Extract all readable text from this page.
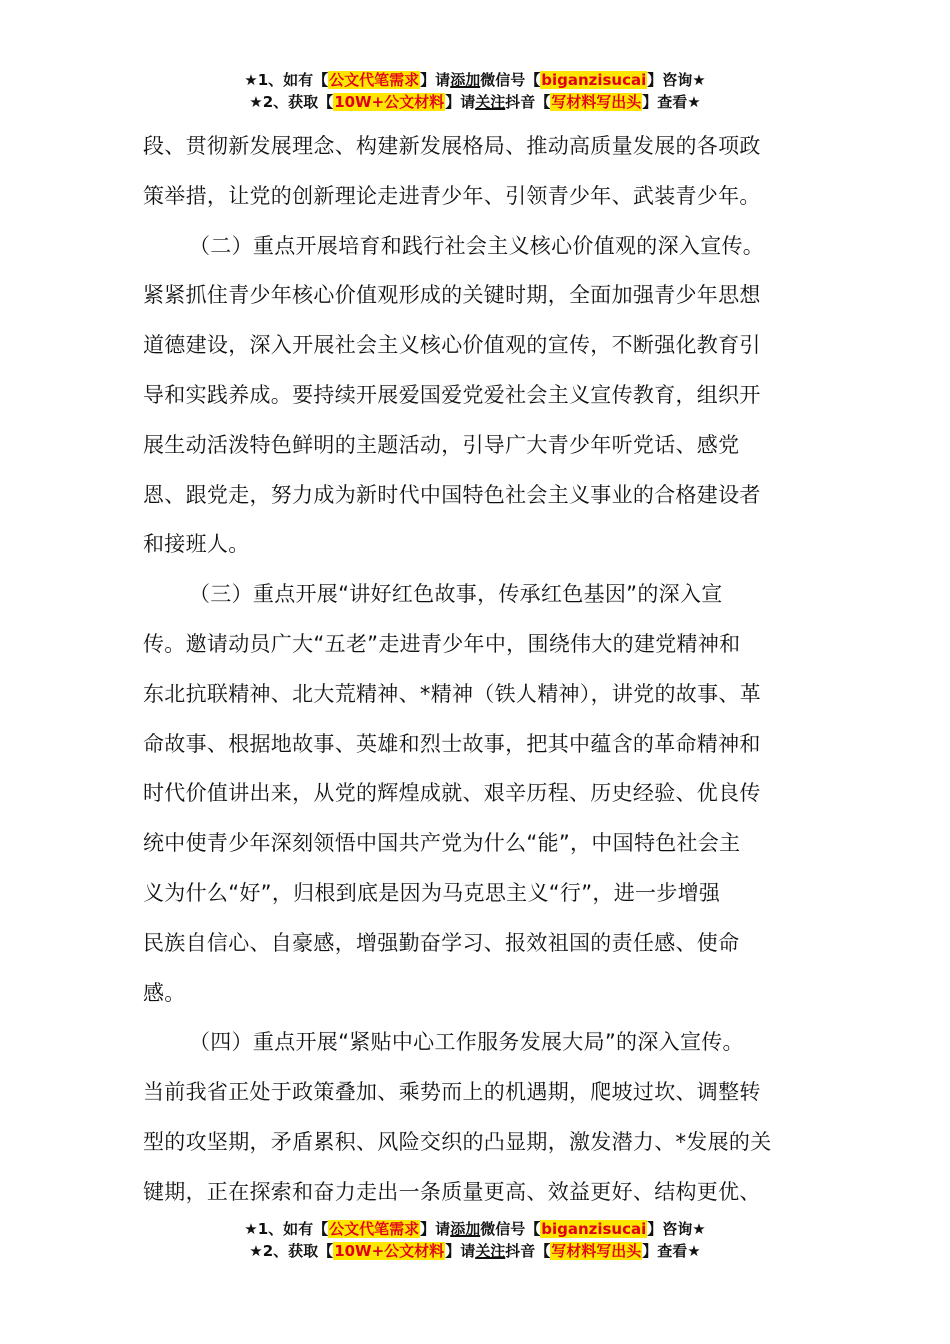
★1、如有【公文代笔需求】请添加微信号【biganzisucai】咨询★
★2、获取【10W+公文材料】请关注抖音【写材料写出头】查看★
段、贯彻新发展理念、构建新发展格局、推动高质量发展的各项政
策举措，让党的创新理论走进青少年、引领青少年、武装青少年。
（二）重点开展培育和践行社会主义核心价值观的深入宣传。
紧紧抓住青少年核心价值观形成的关键时期，全面加强青少年思想
道德建设，深入开展社会主义核心价值观的宣传，不断强化教育引
导和实践养成。要持续开展爱国爱党爱社会主义宣传教育，组织开
展生动活泼特色鲜明的主题活动，引导广大青少年听党话、感党
恩、跟党走，努力成为新时代中国特色社会主义事业的合格建设者
和接班人。
（三）重点开展“讲好红色故事，传承红色基因”的深入宣
传。邀请动员广大“五老”走进青少年中，围绕伟大的建党精神和
东北抗联精神、北大荒精神、*精神（铁人精神），讲党的故事、革
命故事、根据地故事、英雄和烈士故事，把其中蕴含的革命精神和
时代价值讲出来，从党的辉煌成就、艰辛历程、历史经验、优良传
统中使青少年深刻领悟中国共产党为什么“能”，中国特色社会主
义为什么“好”，归根到底是因为马克思主义“行”，进一步增强
民族自信心、自豪感，增强勤奋学习、报效祖国的责任感、使命
感。
（四）重点开展“紧贴中心工作服务发展大局”的深入宣传。
当前我省正处于政策叠加、乘势而上的机遇期，爬坡过坎、调整转
型的攻坚期，矛盾累积、风险交织的凸显期，激发潜力、*发展的关
键期，正在探索和奋力走出一条质量更高、效益更好、结构更优、
★1、如有【公文代笔需求】请添加微信号【biganzisucai】咨询★
★2、获取【10W+公文材料】请关注抖音【写材料写出头】查看★
